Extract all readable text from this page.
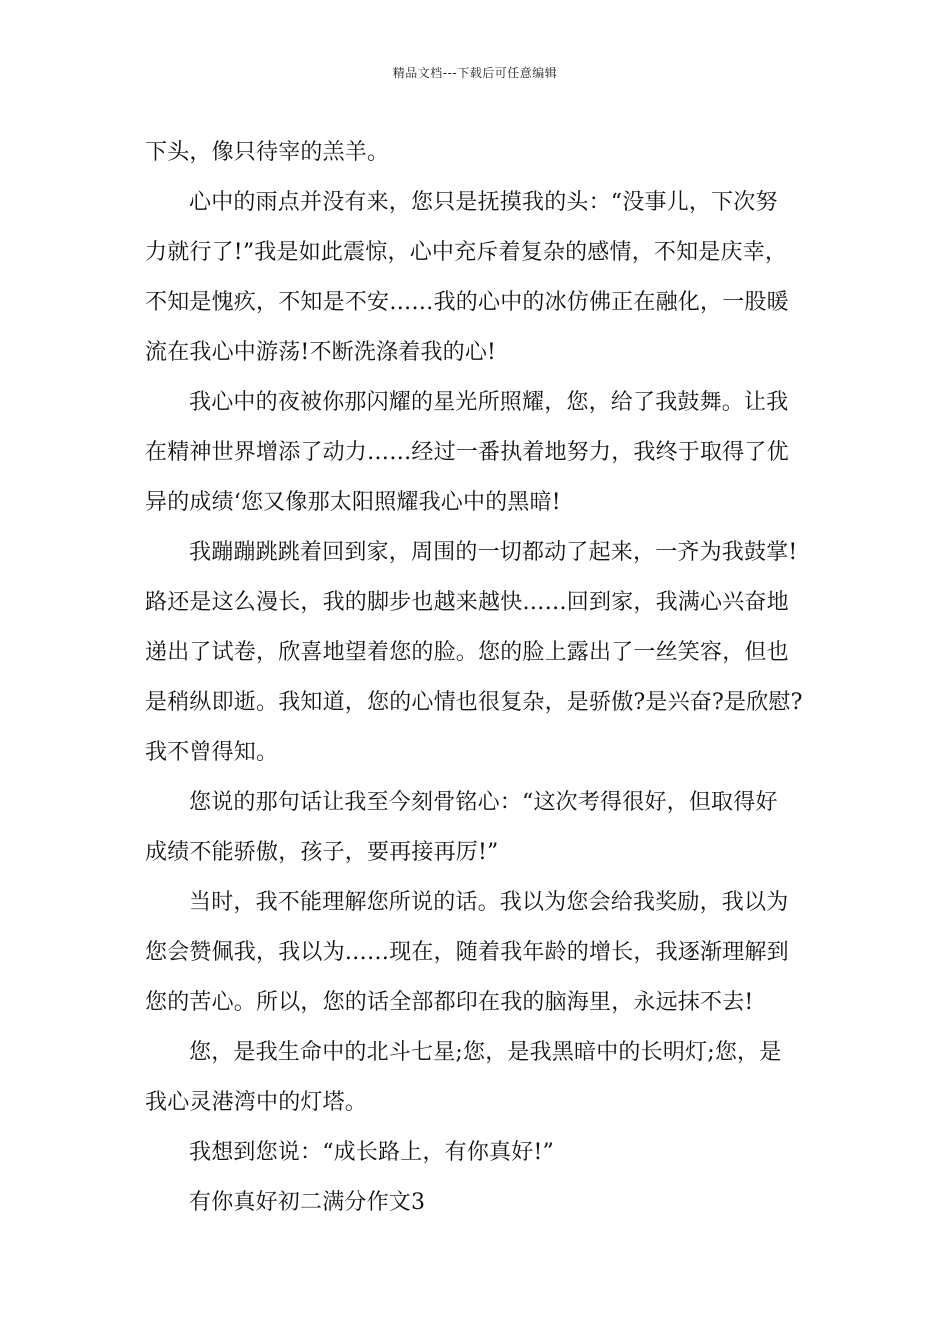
精品文档---下载后可任意编辑
下头，像只待宰的羔羊。
心中的雨点并没有来，您只是抚摸我的头：“没事儿，下次努
力就行了!”我是如此震惊，心中充斥着复杂的感情，不知是庆幸，
不知是愧疚，不知是不安……我的心中的冰仿佛正在融化，一股暖
流在我心中游荡!不断洗涤着我的心!
我心中的夜被你那闪耀的星光所照耀，您，给了我鼓舞。让我
在精神世界增添了动力……经过一番执着地努力，我终于取得了优
异的成绩‘您又像那太阳照耀我心中的黑暗!
我蹦蹦跳跳着回到家，周围的一切都动了起来，一齐为我鼓掌!
路还是这么漫长，我的脚步也越来越快……回到家，我满心兴奋地
递出了试卷，欣喜地望着您的脸。您的脸上露出了一丝笑容，但也
是稍纵即逝。我知道，您的心情也很复杂，是骄傲?是兴奋?是欣慰?
我不曾得知。
您说的那句话让我至今刻骨铭心：“这次考得很好，但取得好
成绩不能骄傲，孩子，要再接再厉!”
当时，我不能理解您所说的话。我以为您会给我奖励，我以为
您会赞佩我，我以为……现在，随着我年龄的增长，我逐渐理解到
您的苦心。所以，您的话全部都印在我的脑海里，永远抹不去!
您，是我生命中的北斗七星;您，是我黑暗中的长明灯;您，是
我心灵港湾中的灯塔。
我想到您说：“成长路上，有你真好!”
有你真好初二满分作文3
